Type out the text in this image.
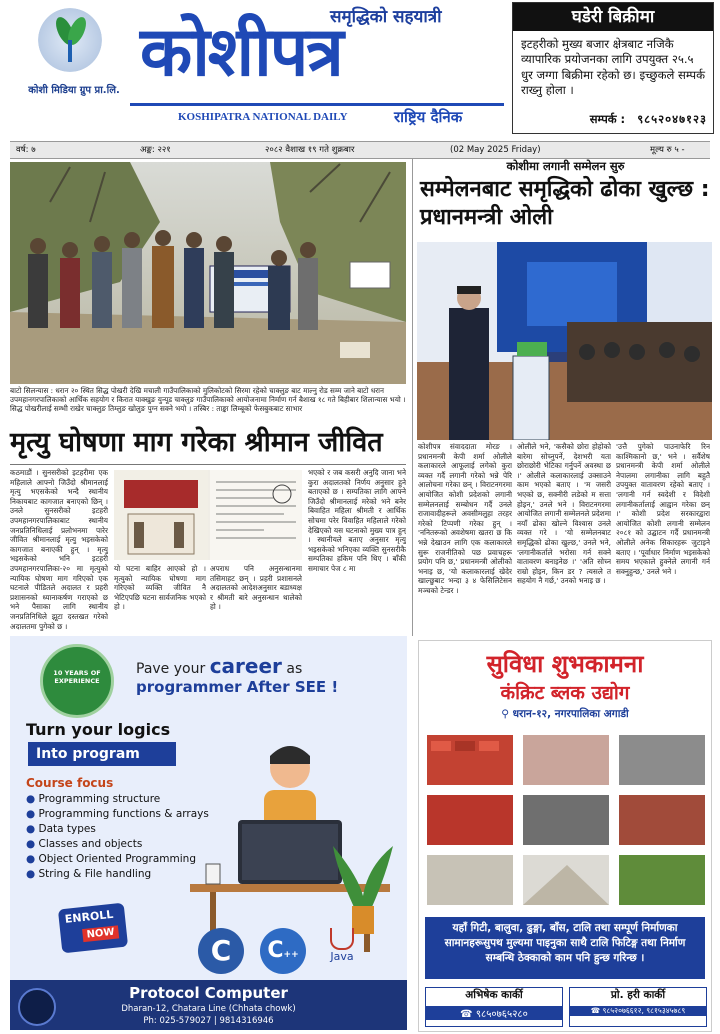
कोशी मिडिया ग्रुप प्रा.लि.
समृद्धिको सहयात्री
कोशीपत्र
KOSHIPATRA NATIONAL DAILY	राष्ट्रिय दैनिक
घडेरी बिक्रीमा
इटहरीको मुख्य बजार क्षेत्रबाट नजिकै व्यापारिक प्रयोजनका लागि उपयुक्त २५.५ धुर जग्गा बिक्रीमा रहेको छ। इच्छुकले सम्पर्क राख्नु होला ।
सम्पर्क : ९८५२०४७१२३
वर्ष: ७	अङ्क: २२१	२०८२ वैशाख १९ गते शुक्रबार	(02 May 2025 Friday)	मूल्य रु ५ -
बाटो सिलन्यास : धरान २० स्थित सिद्ध पोखरी देखि मचाली गाउँपालिकाको मुलिकोटको सिरमा रहेको चाक्लुङ बाट माल्नु रोड सम्म जाने बाटो धरान उपमहानगरपालिकाको आर्थिक सहयोग र किरात याक्खुङ युन्यूड चाक्लुङ गाउँपालिकाको आयोजनामा निर्माण गर्न बैशाख १८ गते बिहीबार शिलान्यास भयो । सिद्ध पोखरीलाई सम्भी राखेर चाक्लुङ तिम्लुङ खोलुङ पुग्न सक्ने भयो । तस्बिर : ताङ्का लिम्बूको फेसबुकबाट साभार
कोशीमा लगानी सम्मेलन सुरु
सम्मेलनबाट समृद्धिको ढोका खुल्छ : प्रधानमन्त्री ओली
मृत्यु घोषणा माग गरेका श्रीमान जीवित
कठमाडौं । सुनसरीको इटहरीमा एक महिलाले आफ्नो जिउँदो श्रीमानलाई मृत्यु भएसकेको भन्दै स्थानीय निकायबाट कागजात बनाएको छिन् । उनले सुनसरीको इटहरी उपमहानगरपालिकाबाट स्थानीय जनप्रतिनिधिलाई प्रलोभनमा पारेर जीवित श्रीमानलाई मृत्यु भइसकेको कागजात बनाएकी हुन् । मृत्यु भइसकेको भनि इटहरी उपमहानगरपालिका-२० मा मृत्युको न्यायिक घोषणा माग गरिएको एक घटनाले पीडितले अदालत र प्रहरी प्रशासनको ध्यानाकर्षण गराएको छ भने पैसाका लागि स्थानीय जनप्रतिनिधिले झूटा दस्तखत गरेको अदालतमा पुगेको छ ।
यो घटना बाहिर आएको हो । मृत्युको न्यायिक घोषणा माग गरिएको व्यक्ति जीवित नै भेटिएपछि घटना सार्वजनिक भएको हो ।
अपराध पनि अनुसन्धानमा तसिमाहट छन् । प्रहरी प्रशासनले अदालतको आदेशअनुसार बडाध्यक्ष र श्रीमती बारे अनुसन्धान थालेको हो ।
भएको र जब कसरी अनुदि जाना भने कुरा अदालतको निर्णय अनुसार हुने बताएको छ । सम्पतिका लागि आफ्ने जिउँदो श्रीमानलाई मरेको भने बनेर बिवाहित महिला श्रीमती र आर्थिक सोचमा परेर विवाहित महिलाले गरेको देखिएको यस घटनाको मुख्य पात्र हुन् । स्थानीयले बताए अनुसार मृत्यु भइसकेको भनिएका व्यक्ति सुनसरीकै सम्पतिका हकिम पनि थिए । बाँकी समाचार पेज ८ मा
कोशीपत्र संवाददाता मोरङ । प्रधानमन्त्री केपी शर्मा ओलीले कलाकारले आफूलाई लगेको कुरा व्यक्त गर्दै लगानी गरेको भन्ने पेरि आलोचना गरेका छन् । विराटनगरमा आयोजित कोशी प्रदेशको लगानी सम्मेलनलाई सम्बोधन गर्दै उनले राजावादीहरूले अवसीमलुहा तरहर गरेको टिप्पणी गरेका हुन् । 'ननितरूको अवशेषमा खतरा छ कि भन्ने देखाउन लागि एक कलाकारले सुरू राजनीतिको पछ प्रवाचहरू प्रयोग पनि छ,' प्रधानमन्त्री ओलीको भनाइ छ, 'यो कलाकारलाई खेदेर खाल्छुबाट भन्दा ३ ४ फेसिलिटेसन मञ्चको टेन्डर ।
ओलीले भने, 'कसैको छोरा होहोको बारेमा सोच्नुपर्ने, देशभरी यता छोराछोरी भेटिका गर्नुपर्ने अवस्था छ ।' ओलीले कलाकारलाई उक्साउने काम भएको बताए । 'म जसरी भएको छ, सक्नीरी लडेको म सत्ता होइन,' उनले भने । विराटनगरमा आयोजित लगानी सम्मेलनले प्रदेशमा नयाँ ढोका खोल्ने विश्वास उनले व्यक्त गरे । 'यो सम्मेलनबाट समृद्धिको ढोका खुल्छ,' उनले भने, 'लगानीकर्ताले भरोसा गर्न सक्ने वातावरण बनाइनेछ ।' 'अति सोच्न राम्रो होइन, किन डर ? त्यसले त सहयोग नै गर्छ,' उनको भनाइ छ ।
'उत्तै पुगेको पाउनाफेरि रिन काश्मिकानो छ,' भने । सर्वैशेष प्रधानमन्त्री केपी शर्मा ओलीले नेपालमा लगानीका लागि बहुतै उपयुक्त वातावरण रहेको बताए । 'लगानी गर्न स्वदेशी र विदेशी लगानीकर्तालाई आह्वान गरेका छन् ।' कोशी प्रदेश सरकारद्वारा आयोजित कोशी लगानी सम्मेलन २०८१ को उद्घाटन गर्दै प्रधानमन्त्री ओलीले अनेक सिकारहरू जुटाइने बताए । 'पूर्वाधार निर्माण भइसकेको समय भएकाले हुक्नेले लगानी गर्न सक्नुहुन्छ,' उनले भने ।
10 YEARS OF EXPERIENCE
Pave your career as
programmer After SEE !
Turn your logics
Into program
Course focus
● Programming structure
● Programming functions & arrays
● Data types
● Classes and objects
● Object Oriented Programming
● String & File handling
ENROLL
NOW
C	C++	Java
Protocol Computer
Dharan-12, Chatara Line (Chhata chowk)
Ph: 025-579027 | 9814316946
सुविधा शुभकामना
कंक्रिट ब्लक उद्योग
⚲ धरान-१२, नगरपालिका अगाडी
यहाँ गिटी, बालुवा, ढुङ्गा, बाँस, टालि तथा सम्पूर्ण निर्माणका सामानहरूसुपथ मुल्यमा पाइनुका साथै टालि फिटिङ्ग तथा निर्माण सम्बन्धि ठेक्काको काम पनि हुन्छ गरिन्छ ।
अभिषेक कार्की
☎ ९८५०७६५२८०
प्रो. हरी कार्की
☎ ९८५२०७६६१२, ९८१५३४५७८९
